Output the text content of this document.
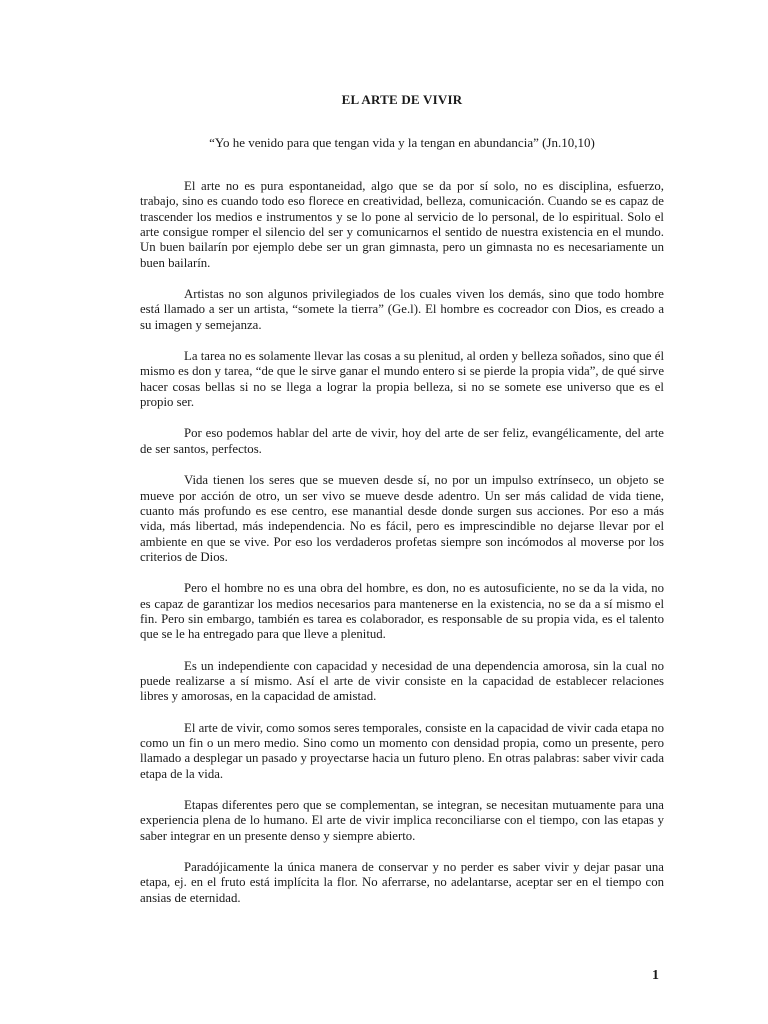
EL ARTE DE VIVIR
“Yo he venido para que tengan vida y la tengan en abundancia” (Jn.10,10)

El arte no es pura espontaneidad, algo que se da por sí solo, no es disciplina, esfuerzo, trabajo, sino es cuando todo eso florece en creatividad, belleza, comunicación. Cuando se es capaz de trascender los medios e instrumentos y se lo pone al servicio de lo personal, de lo espiritual. Solo el arte consigue romper el silencio del ser y comunicarnos el sentido de nuestra existencia en el mundo. Un buen bailarín por ejemplo debe ser un gran gimnasta, pero un gimnasta no es necesariamente un buen bailarín.

Artistas no son algunos privilegiados de los cuales viven los demás, sino que todo hombre está llamado a ser un artista, “somete la tierra” (Ge.l). El hombre es cocreador con Dios, es creado a su imagen y semejanza.

La tarea no es solamente llevar las cosas a su plenitud, al orden y belleza soñados, sino que él mismo es don y tarea, “de que le sirve ganar el mundo entero si se pierde la propia vida”, de qué sirve hacer cosas bellas si no se llega a lograr la propia belleza, si no se somete ese universo que es el propio ser.

Por eso podemos hablar del arte de vivir, hoy del arte de ser feliz, evangélicamente, del arte de ser santos, perfectos.

Vida tienen los seres que se mueven desde sí, no por un impulso extrínseco, un objeto se mueve por acción de otro, un ser vivo se mueve desde adentro. Un ser más calidad de vida tiene, cuanto más profundo es ese centro, ese manantial desde donde surgen sus acciones. Por eso a más vida, más libertad, más independencia. No es fácil, pero es imprescindible no dejarse llevar por el ambiente en que se vive. Por eso los verdaderos profetas siempre son incómodos al moverse por los criterios de Dios.

Pero el hombre no es una obra del hombre, es don, no es autosuficiente, no se da la vida, no es capaz de garantizar los medios necesarios para mantenerse en la existencia, no se da a sí mismo el fin. Pero sin embargo, también es tarea es colaborador, es responsable de su propia vida, es el talento que se le ha entregado para que lleve a plenitud.

Es un independiente con capacidad y necesidad de una dependencia amorosa, sin la cual no puede realizarse a sí mismo. Así el arte de vivir consiste en la capacidad de establecer relaciones libres y amorosas, en la capacidad de amistad.

El arte de vivir, como somos seres temporales, consiste en la capacidad de vivir cada etapa no como un fin o un mero medio. Sino como un momento con densidad propia, como un presente, pero llamado a desplegar un pasado y proyectarse hacia un futuro pleno. En otras palabras: saber vivir cada etapa de la vida.

Etapas diferentes pero que se complementan, se integran, se necesitan mutuamente para una experiencia plena de lo humano. El arte de vivir implica reconciliarse con el tiempo, con las etapas y saber integrar en un presente denso y siempre abierto.

Paradójicamente la única manera de conservar y no perder es saber vivir y dejar pasar una etapa, ej. en el fruto está implícita la flor. No aferrarse, no adelantarse, aceptar ser en el tiempo con ansias de eternidad.

1
